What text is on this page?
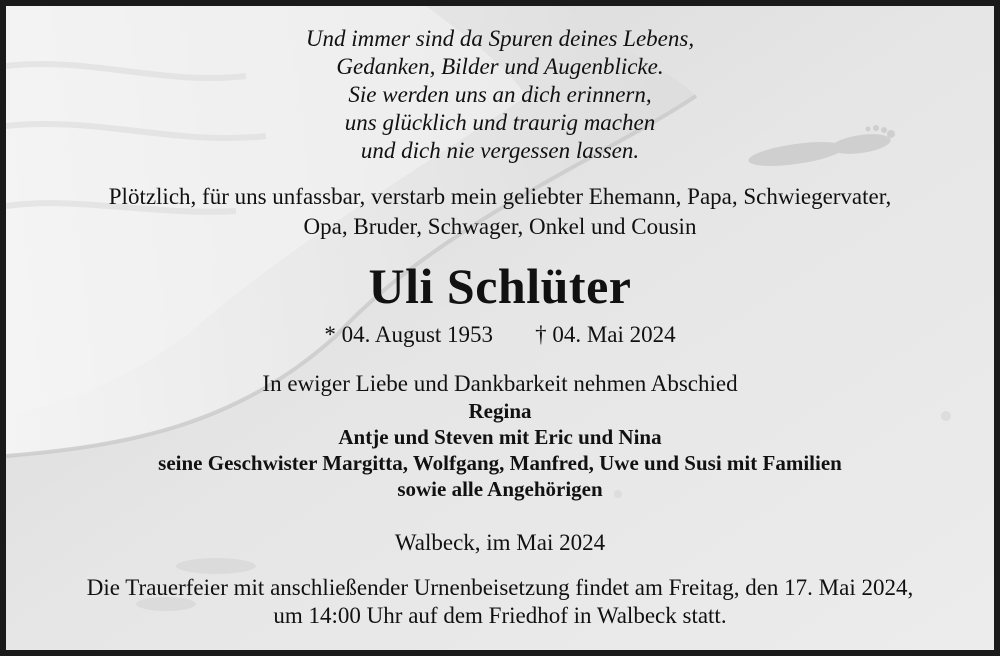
Und immer sind da Spuren deines Lebens,
Gedanken, Bilder und Augenblicke.
Sie werden uns an dich erinnern,
uns glücklich und traurig machen
und dich nie vergessen lassen.
Plötzlich, für uns unfassbar, verstarb mein geliebter Ehemann, Papa, Schwiegervater,
Opa, Bruder, Schwager, Onkel und Cousin
Uli Schlüter
* 04. August 1953 † 04. Mai 2024
In ewiger Liebe und Dankbarkeit nehmen Abschied
Regina
Antje und Steven mit Eric und Nina
seine Geschwister Margitta, Wolfgang, Manfred, Uwe und Susi mit Familien
sowie alle Angehörigen
Walbeck, im Mai 2024
Die Trauerfeier mit anschließender Urnenbeisetzung findet am Freitag, den 17. Mai 2024,
um 14:00 Uhr auf dem Friedhof in Walbeck statt.
